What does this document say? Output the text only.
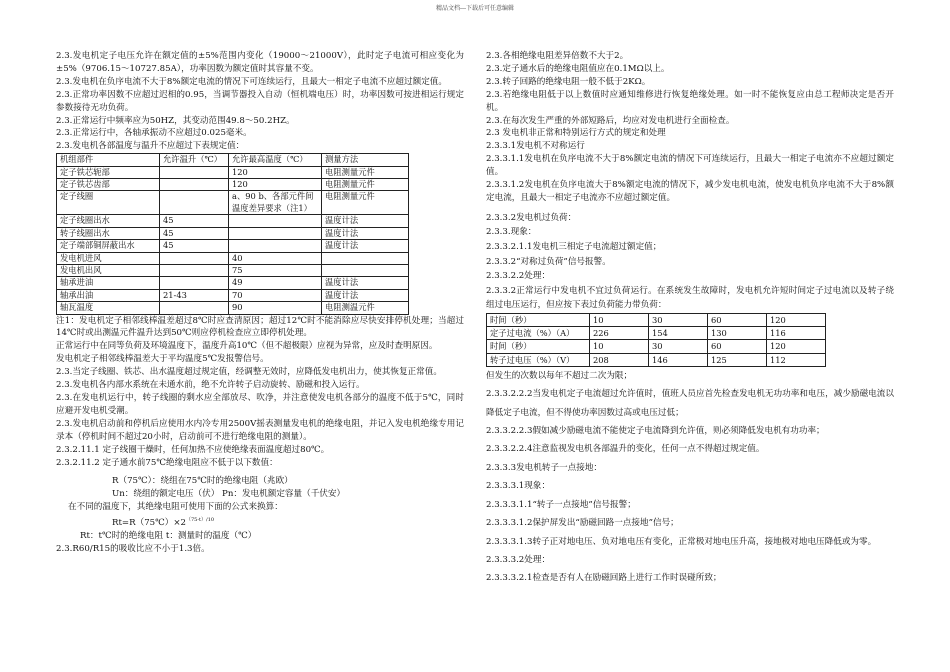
精品文档---下载后可任意编辑

2.3.发电机定子电压允许在额定值的±5%范围内变化（19000～21000V），此时定子电流可相应变化为±5%（9706.15～10727.85A），功率因数为额定值时其容量不变。

2.3.发电机在负序电流不大于8%额定电流的情况下可连续运行，且最大一相定子电流不应超过额定值。

2.3.正常功率因数不应超过迟相的0.95，当调节器投入自动（恒机端电压）时，功率因数可按进相运行规定参数接待无功负荷。

2.3.正常运行中频率应为50HZ，其变动范围49.8～50.2HZ。

2.3.正常运行中，各轴承振动不应超过0.025毫米。

2.3.发电机各部温度与温升不应超过下表规定值：

机组部件	允许温升（℃）	允许最高温度（℃）	测量方法
定子铁芯轭部		120	电阻测量元件
定子铁芯齿部		120	电阻测量元件
定子线圈		a、90 b、各部元件间温度差异要求（注1）	电阻测量元件
定子线圈出水	45		温度计法
转子线圈出水	45		温度计法
定子端部铜屏蔽出水	45		温度计法
发电机进风		40	
发电机出风		75	
轴承进油		49	温度计法
轴承出油	21-43	70	温度计法
轴瓦温度		90	电阻测温元件

注1：发电机定子相邻线棒温差超过8℃时应查清原因；超过12℃时不能消除应尽快安排停机处理；当超过14℃时或出测温元件温升达到50℃则应停机检查应立即停机处理。

正常运行中在同等负荷及环境温度下，温度升高10℃（但不超极限）应视为异常，应及时查明原因。

发电机定子相邻线棒温差大于平均温度5℃发报警信号。

2.3.当定子线圈、铁芯、出水温度超过规定值，经调整无效时，应降低发电机出力，使其恢复正常值。

2.3.发电机各内部水系统在未通水前，绝不允许转子启动旋转、励磁和投入运行。

2.3.在发电机运行中，转子线圈的剩水应全部放尽、吹净，并注意使发电机各部分的温度不低于5℃，同时应避开发电机受潮。

2.3.发电机启动前和停机后应使用水内冷专用2500V摇表测量发电机的绝缘电阻，并记入发电机绝缘专用记录本（停机时间不超过20小时，启动前可不进行绝缘电阻的测量）。

2.3.2.11.1 定子线圈干燥时，任何加热不应使绝缘表面温度超过80℃。

2.3.2.11.2 定子通水前75℃绝缘电阻应不低于以下数值：

R（75℃）：绕组在75℃时的绝缘电阻（兆欧）

Un：绕组的额定电压（伏） Pn：发电机额定容量（千伏安）

在不同的温度下，其绝缘电阻可使用下面的公式来换算：

$Rt=R(75℃)\times 2^{(75-t)/10}$

Rt：t℃时的绝缘电阻 t：测量时的温度（℃）

2.3.R60/R15的吸收比应不小于1.3倍。

2.3.各相绝缘电阻差异倍数不大于2。

2.3.定子通水后的绝缘电阻值应在0.1MΩ以上。

2.3.转子回路的绝缘电阻一般不低于2KΩ。

2.3.若绝缘电阻低于以上数值时应通知维修进行恢复绝缘处理。如一时不能恢复应由总工程师决定是否开机。

2.3.在每次发生严重的外部短路后，均应对发电机进行全面检查。

2.3 发电机非正常和特别运行方式的规定和处理

2.3.3.1发电机不对称运行

2.3.3.1.1发电机在负序电流不大于8%额定电流的情况下可连续运行，且最大一相定子电流亦不应超过额定值。

2.3.3.1.2发电机在负序电流大于8%额定电流的情况下，减少发电机电流，使发电机负序电流不大于8%额定电流，且最大一相定子电流亦不应超过额定值。

2.3.3.2发电机过负荷：

2.3.3.现象：

2.3.3.2.1.1发电机三相定子电流超过额定值；

2.3.3.2“对称过负荷”信号报警。

2.3.3.2.2处理：

2.3.3.2正常运行中发电机不宜过负荷运行。在系统发生故障时，发电机允许短时间定子过电流以及转子绕组过电压运行，但应按下表过负荷能力带负荷：

时间（秒）	10	30	60	120
定子过电流（%）（A）	226	154	130	116
时间（秒）	10	30	60	120
转子过电压（%）（V）	208	146	125	112

但发生的次数以每年不超过二次为限；

2.3.3.2.2.2当发电机定子电流超过允许值时，值班人员应首先检查发电机无功功率和电压，减少励磁电流以降低定子电流，但不得使功率因数过高或电压过低；

2.3.3.2.2.3假如减少励磁电流不能使定子电流降到允许值，则必须降低发电机有功功率；

2.3.3.2.2.4注意监视发电机各部温升的变化，任何一点不得超过规定值。

2.3.3.3发电机转子一点接地：

2.3.3.3.1现象：

2.3.3.3.1.1“转子一点接地”信号报警；

2.3.3.3.1.2保护屏发出“励磁回路一点接地”信号；

2.3.3.3.1.3转子正对地电压、负对地电压有变化，正常极对地电压升高，接地极对地电压降低或为零。

2.3.3.3.2处理：

2.3.3.3.2.1检查是否有人在励磁回路上进行工作时误碰所致；
